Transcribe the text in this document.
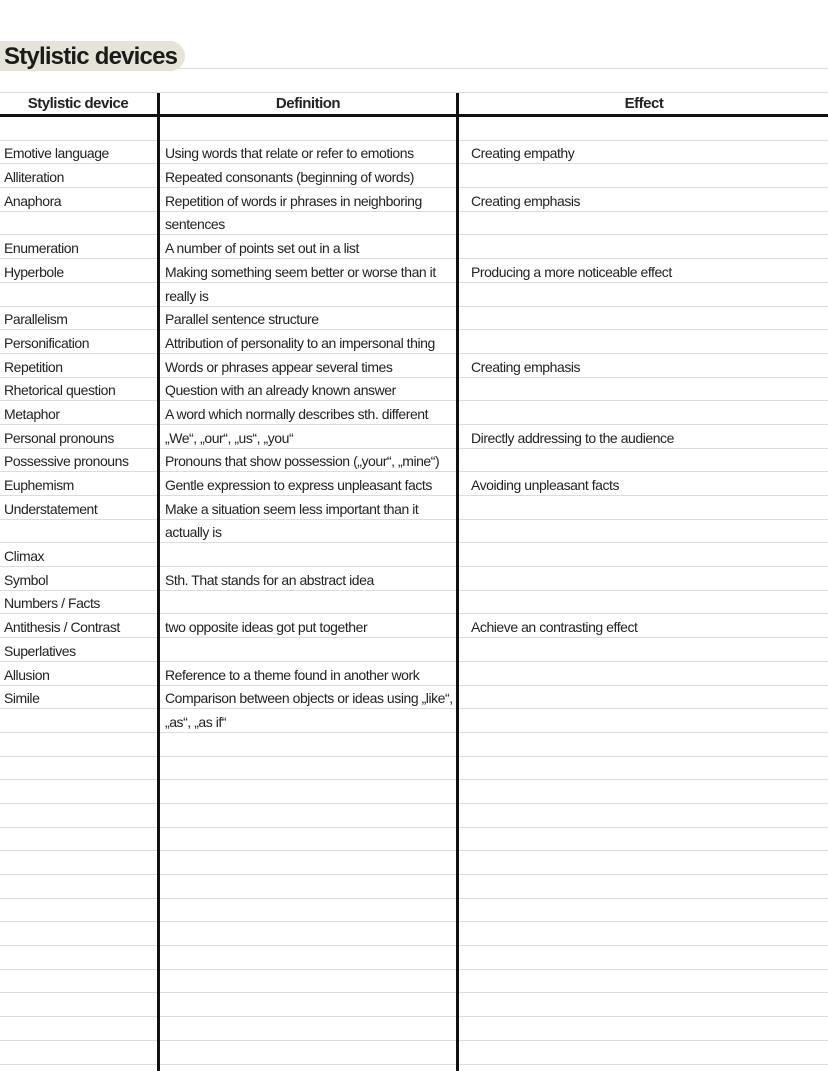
Stylistic devices
Stylistic device	Definition	Effect
Emotive language	Using words that relate or refer to emotions	Creating empathy
Alliteration	Repeated consonants (beginning of words)
Anaphora	Repetition of words ir phrases in neighboring	Creating emphasis
sentences
Enumeration	A number of points set out in a list
Hyperbole	Making something seem better or worse than it	Producing a more noticeable effect
really is
Parallelism	Parallel sentence structure
Personification	Attribution of personality to an impersonal thing
Repetition	Words or phrases appear several times	Creating emphasis
Rhetorical question	Question with an already known answer
Metaphor	A word which normally describes sth. different
Personal pronouns	„We“, „our“, „us“, „you“	Directly addressing to the audience
Possessive pronouns	Pronouns that show possession („your“, „mine“)
Euphemism	Gentle expression to express unpleasant facts	Avoiding unpleasant facts
Understatement	Make a situation seem less important than it
actually is
Climax
Symbol	Sth. That stands for an abstract idea
Numbers / Facts
Antithesis / Contrast	two opposite ideas got put together	Achieve an contrasting effect
Superlatives
Allusion	Reference to a theme found in another work
Simile	Comparison between objects or ideas using „like“,
„as“, „as if“
